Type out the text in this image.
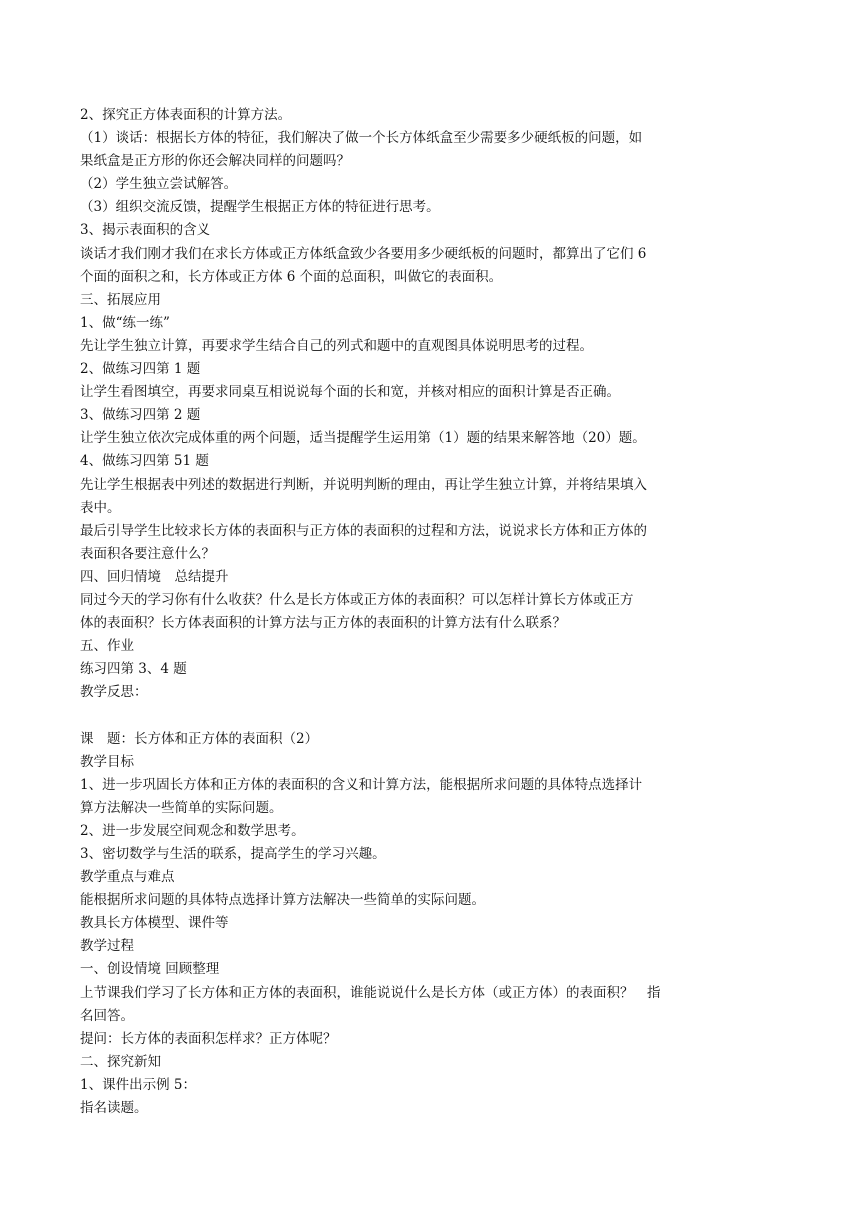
2、探究正方体表面积的计算方法。
（1）谈话：根据长方体的特征，我们解决了做一个长方体纸盒至少需要多少硬纸板的问题，如
果纸盒是正方形的你还会解决同样的问题吗？
（2）学生独立尝试解答。
（3）组织交流反馈，提醒学生根据正方体的特征进行思考。
3、揭示表面积的含义
谈话才我们刚才我们在求长方体或正方体纸盒致少各要用多少硬纸板的问题时，都算出了它们 6
个面的面积之和，长方体或正方体 6 个面的总面积，叫做它的表面积。
三、拓展应用
1、做“练一练”
先让学生独立计算，再要求学生结合自己的列式和题中的直观图具体说明思考的过程。
2、做练习四第 1 题
让学生看图填空，再要求同桌互相说说每个面的长和宽，并核对相应的面积计算是否正确。
3、做练习四第 2 题
让学生独立依次完成体重的两个问题，适当提醒学生运用第（1）题的结果来解答地（20）题。
4、做练习四第 51 题
先让学生根据表中列述的数据进行判断，并说明判断的理由，再让学生独立计算，并将结果填入
表中。
最后引导学生比较求长方体的表面积与正方体的表面积的过程和方法，说说求长方体和正方体的
表面积各要注意什么？
四、回归情境　总结提升
同过今天的学习你有什么收获？什么是长方体或正方体的表面积？可以怎样计算长方体或正方
体的表面积？长方体表面积的计算方法与正方体的表面积的计算方法有什么联系？
五、作业
练习四第 3、4 题
教学反思：
课　题：长方体和正方体的表面积（2）
教学目标
1、进一步巩固长方体和正方体的表面积的含义和计算方法，能根据所求问题的具体特点选择计
算方法解决一些简单的实际问题。
2、进一步发展空间观念和数学思考。
3、密切数学与生活的联系，提高学生的学习兴趣。
教学重点与难点
能根据所求问题的具体特点选择计算方法解决一些简单的实际问题。
教具长方体模型、课件等
教学过程
一、创设情境 回顾整理
上节课我们学习了长方体和正方体的表面积，谁能说说什么是长方体（或正方体）的表面积？　指
名回答。
提问：长方体的表面积怎样求？正方体呢？
二、探究新知
1、课件出示例 5：
指名读题。
